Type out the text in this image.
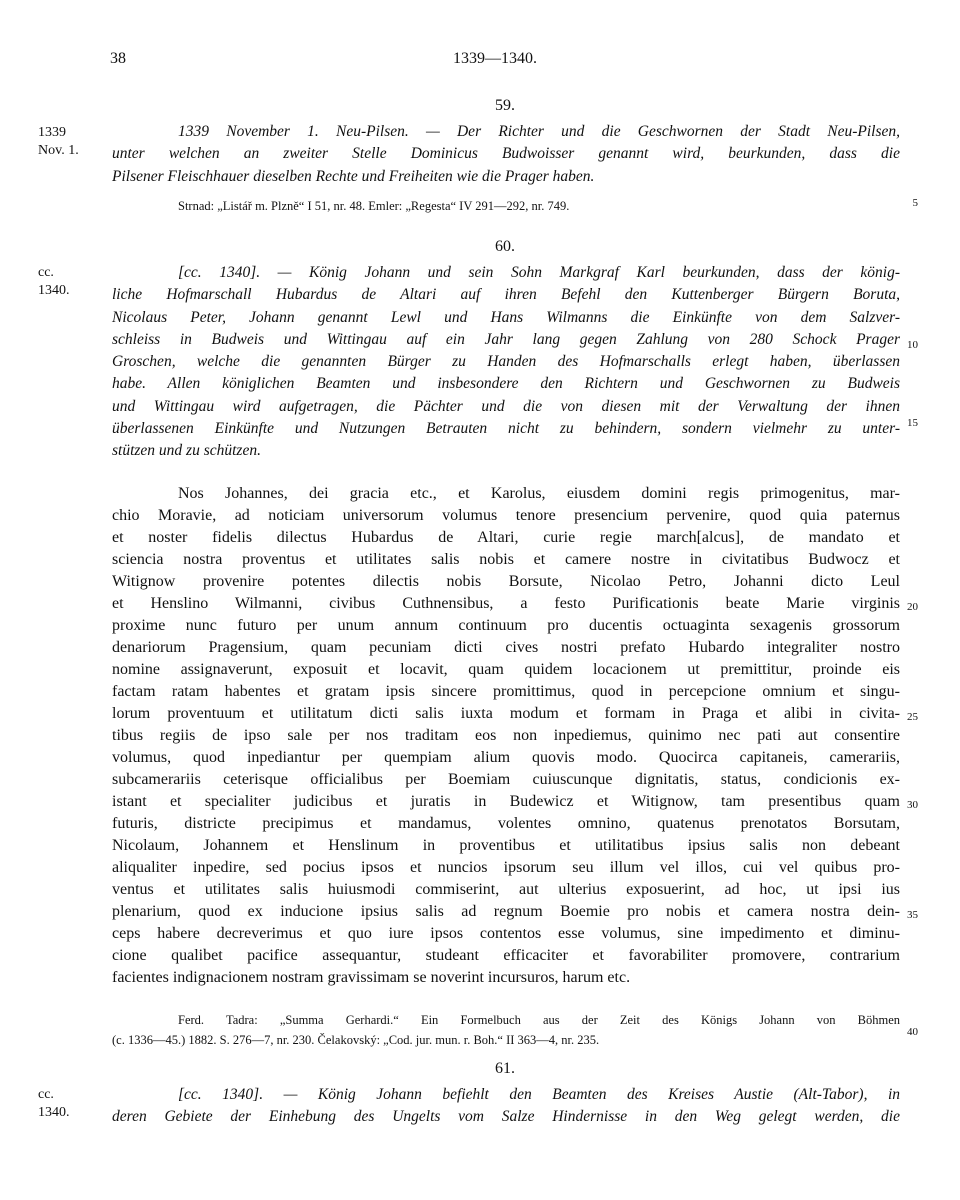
38	1339—1340.
59.
1339
Nov. 1.
1339 November 1. Neu-Pilsen. — Der Richter und die Geschwornen der Stadt Neu-Pilsen,
unter welchen an zweiter Stelle Dominicus Budwoisser genannt wird, beurkunden, dass die
Pilsener Fleischhauer dieselben Rechte und Freiheiten wie die Prager haben.
Strnad: „Listář m. Plzně“ I 51, nr. 48. Emler: „Regesta“ IV 291—292, nr. 749.	5
60.
cc.
1340.
[cc. 1340]. — König Johann und sein Sohn Markgraf Karl beurkunden, dass der könig-
liche Hofmarschall Hubardus de Altari auf ihren Befehl den Kuttenberger Bürgern Boruta,
Nicolaus Peter, Johann genannt Lewl und Hans Wilmanns die Einkünfte von dem Salzver-
schleiss in Budweis und Wittingau auf ein Jahr lang gegen Zahlung von 280 Schock Prager
Groschen, welche die genannten Bürger zu Handen des Hofmarschalls erlegt haben, überlassen
habe. Allen königlichen Beamten und insbesondere den Richtern und Geschwornen zu Budweis
und Wittingau wird aufgetragen, die Pächter und die von diesen mit der Verwaltung der ihnen
überlassenen Einkünfte und Nutzungen Betrauten nicht zu behindern, sondern vielmehr zu unter-
stützen und zu schützen.
Nos Johannes, dei gracia etc., et Karolus, eiusdem domini regis primogenitus, mar-
chio Moravie, ad noticiam universorum volumus tenore presencium pervenire, quod quia paternus
et noster fidelis dilectus Hubardus de Altari, curie regie march[alcus], de mandato et
sciencia nostra proventus et utilitates salis nobis et camere nostre in civitatibus Budwocz et
Witignow provenire potentes dilectis nobis Borsute, Nicolao Petro, Johanni dicto Leul
et Henslino Wilmanni, civibus Cuthnensibus, a festo Purificationis beate Marie virginis
proxime nunc futuro per unum annum continuum pro ducentis octuaginta sexagenis grossorum
denariorum Pragensium, quam pecuniam dicti cives nostri prefato Hubardo integraliter nostro
nomine assignaverunt, exposuit et locavit, quam quidem locacionem ut premittitur, proinde eis
factam ratam habentes et gratam ipsis sincere promittimus, quod in percepcione omnium et singu-
lorum proventuum et utilitatum dicti salis iuxta modum et formam in Praga et alibi in civita-
tibus regiis de ipso sale per nos traditam eos non inpediemus, quinimo nec pati aut consentire
volumus, quod inpediantur per quempiam alium quovis modo. Quocirca capitaneis, camerariis,
subcamerariis ceterisque officialibus per Boemiam cuiuscunque dignitatis, status, condicionis ex-
istant et specialiter judicibus et juratis in Budewicz et Witignow, tam presentibus quam
futuris, districte precipimus et mandamus, volentes omnino, quatenus prenotatos Borsutam,
Nicolaum, Johannem et Henslinum in proventibus et utilitatibus ipsius salis non debeant
aliqualiter inpedire, sed pocius ipsos et nuncios ipsorum seu illum vel illos, cui vel quibus pro-
ventus et utilitates salis huiusmodi commiserint, aut ulterius exposuerint, ad hoc, ut ipsi ius
plenarium, quod ex inducione ipsius salis ad regnum Boemie pro nobis et camera nostra dein-
ceps habere decreverimus et quo iure ipsos contentos esse volumus, sine impedimento et diminu-
cione qualibet pacifice assequantur, studeant efficaciter et favorabiliter promovere, contrarium
facientes indignacionem nostram gravissimam se noverint incursuros, harum etc.
Ferd. Tadra: „Summa Gerhardi.“ Ein Formelbuch aus der Zeit des Königs Johann von Böhmen
(c. 1336—45.) 1882. S. 276—7, nr. 230. Čelakovský: „Cod. jur. mun. r. Boh.“ II 363—4, nr. 235.
10
15
20
25
30
35
40
61.
cc.
1340.
[cc. 1340]. — König Johann befiehlt den Beamten des Kreises Austie (Alt-Tabor), in
deren Gebiete der Einhebung des Ungelts vom Salze Hindernisse in den Weg gelegt werden, die
